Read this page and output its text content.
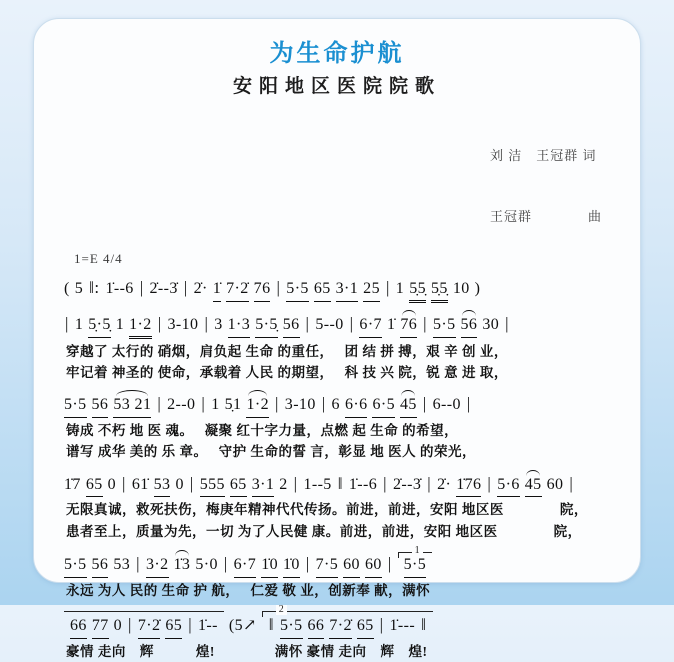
为生命护航
安阳地区医院院歌
1=E 4/4

刘 洁　王冠群 词

王冠群　　　　曲

( 5 ‖: 1̇--6 | 2̇--3̇ | 2̇· 1̇ 7·2̇ 76 | 5·5 65 3·1 25 | 1 5̣5̣ 5̣5̣ 10 )
| 1 5̣·5̣ 1 1·2 | 3-10 | 3 1·3 5·5̣ 56 | 5--0 | 6·7 1̇ 76 | 5·5 56 30 |
穿越了 太行的 硝烟，肩负起 生命 的重任，　 团 结 拼 搏，艰 辛 创 业，
牢记着 神圣的 使命，承载着 人民 的期望，　 科 技 兴 院，锐 意 进 取，
5·5 56 53 21 | 2--0 | 1 5̣1 1·2 | 3-10 | 6 6·6 6·5 45 | 6--0 |
铸成 不朽 地 医 魂。　 凝聚 红十字力量，点燃 起 生命 的希望，
谱写 成华 美的 乐 章。　 守护 生命的誓 言，彰显 地 医人 的荣光，
1̇7 65 0 | 61̇ 53 0 | 555 65 3·1 2 | 1--5 ‖ 1̇--6 | 2̇--3̇ | 2̇· 1̇76 | 5·6 45 60 |
无限真诚，救死扶伤，梅庚年精神代代传扬。前进，前进，安阳 地区医　　　　院，
患者至上，质量为先，一切 为了人民健 康。前进，前进，安阳 地区医　　　　院，
5·5 56 53 | 3·2 1̇3 5·0 | 6·7 1̇0 1̇0 | 7·5 60 60 | 1 5·5
永远 为人 民的 生命 护 航，　 仁爱 敬 业，创新奉 献，满怀
66 77 0 | 7·2̇ 65 | 1̇-- (5↗ 2 ‖ 5·5 66 7·2̇ 65 | 1̇--- ‖
豪情 走向　辉　　　煌!　　　　 满怀 豪情 走向　辉　煌!
